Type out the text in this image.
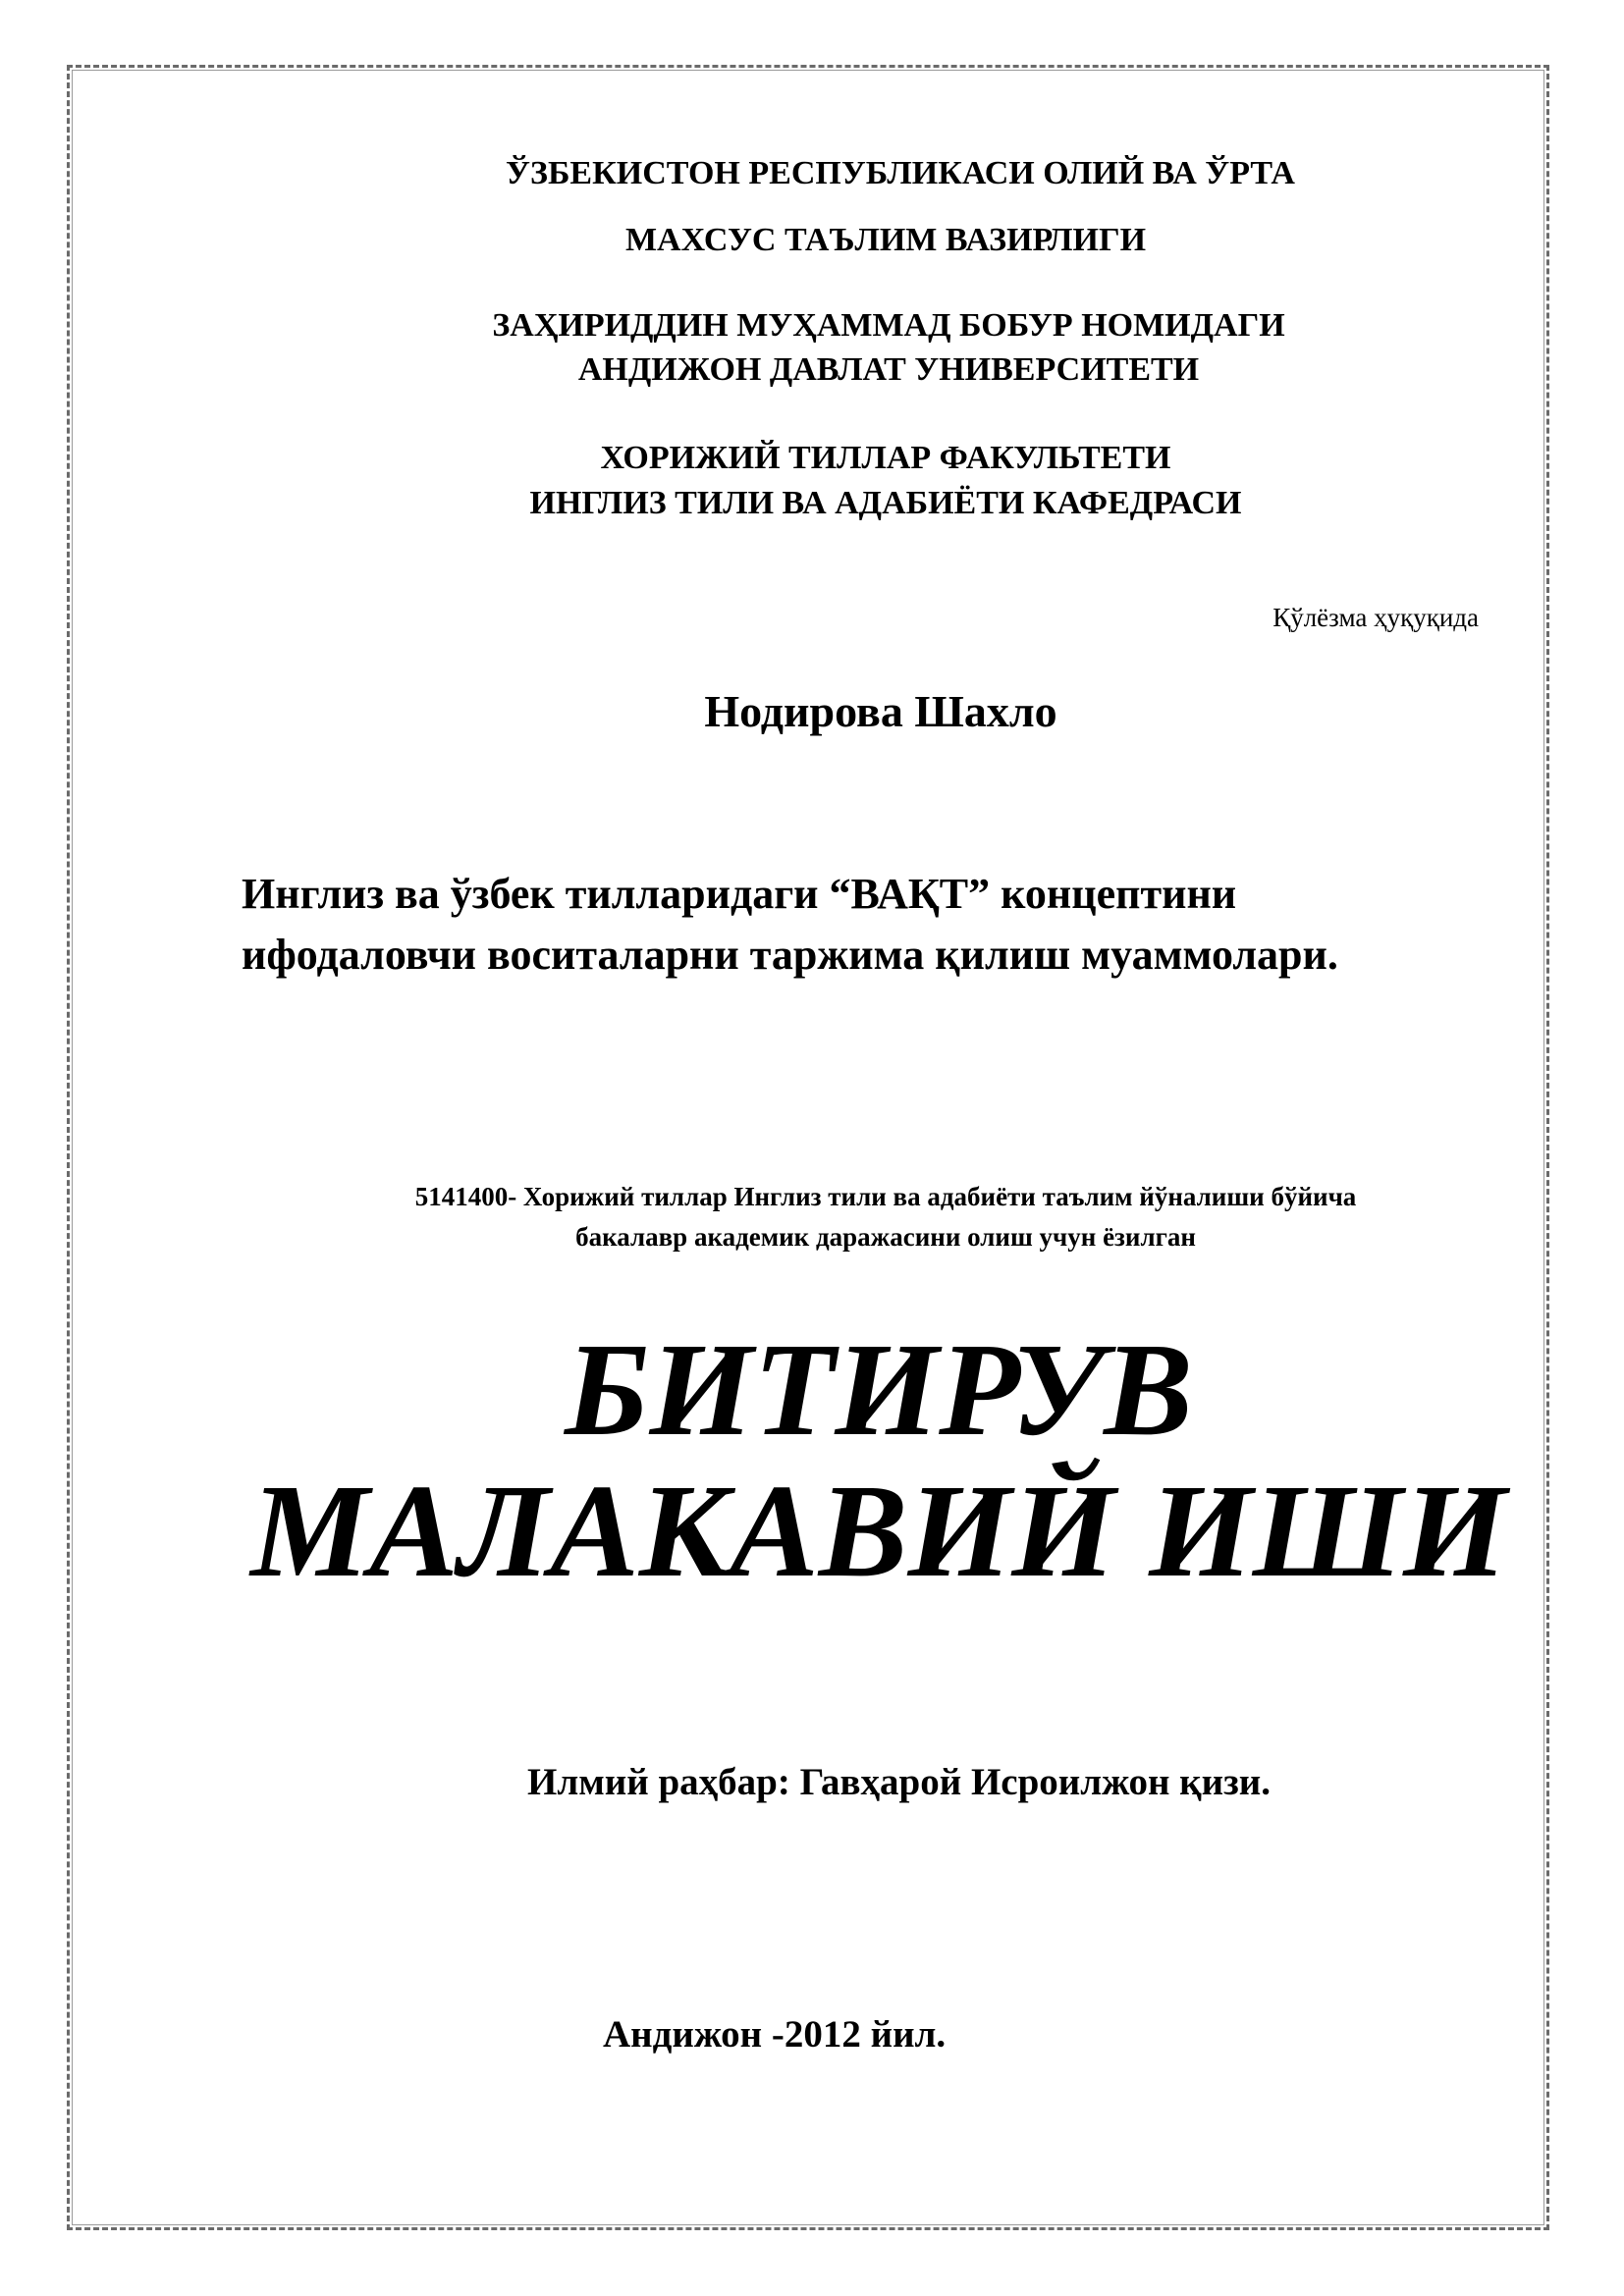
ЎЗБЕКИСТОН РЕСПУБЛИКАСИ ОЛИЙ ВА ЎРТА

МАХСУС ТАЪЛИМ ВАЗИРЛИГИ

ЗАҲИРИДДИН МУҲАММАД БОБУР НОМИДАГИ

АНДИЖОН ДАВЛАТ УНИВЕРСИТЕТИ

ХОРИЖИЙ ТИЛЛАР ФАКУЛЬТЕТИ

ИНГЛИЗ ТИЛИ ВА АДАБИЁТИ КАФЕДРАСИ

Қўлёзма ҳуқуқида

Нодирова Шахло

Инглиз ва ўзбек тилларидаги “ВАҚТ” концептини
ифодаловчи воситаларни таржима қилиш муаммолари.

5141400- Хорижий тиллар Инглиз тили ва адабиёти таълим йўналиши бўйича

бакалавр академик даражасини олиш учун ёзилган

БИТИРУВ
МАЛАКАВИЙ ИШИ
Илмий раҳбар: Гавҳарой Исроилжон қизи.
Андижон -2012 йил.
